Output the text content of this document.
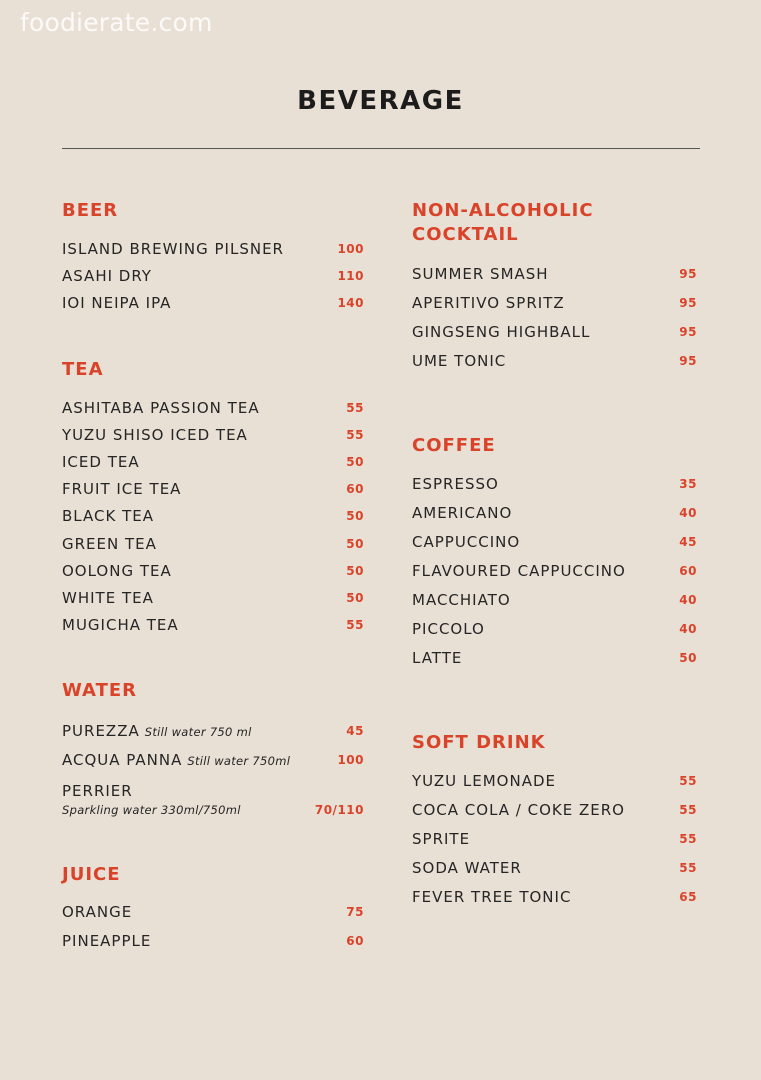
foodierate.com
BEVERAGE
BEER
ISLAND BREWING PILSNER	100
ASAHI DRY	110
IOI NEIPA IPA	140
TEA
ASHITABA PASSION TEA	55
YUZU SHISO ICED TEA	55
ICED TEA	50
FRUIT ICE TEA	60
BLACK TEA	50
GREEN TEA	50
OOLONG TEA	50
WHITE TEA	50
MUGICHA TEA	55
WATER
PUREZZA Still water 750 ml	45
ACQUA PANNA Still water 750ml	100
PERRIER
Sparkling water 330ml/750ml	70/110
JUICE
ORANGE	75
PINEAPPLE	60
NON-ALCOHOLIC
COCKTAIL
SUMMER SMASH	95
APERITIVO SPRITZ	95
GINGSENG HIGHBALL	95
UME TONIC	95
COFFEE
ESPRESSO	35
AMERICANO	40
CAPPUCCINO	45
FLAVOURED CAPPUCCINO	60
MACCHIATO	40
PICCOLO	40
LATTE	50
SOFT DRINK
YUZU LEMONADE	55
COCA COLA / COKE ZERO	55
SPRITE	55
SODA WATER	55
FEVER TREE TONIC	65
